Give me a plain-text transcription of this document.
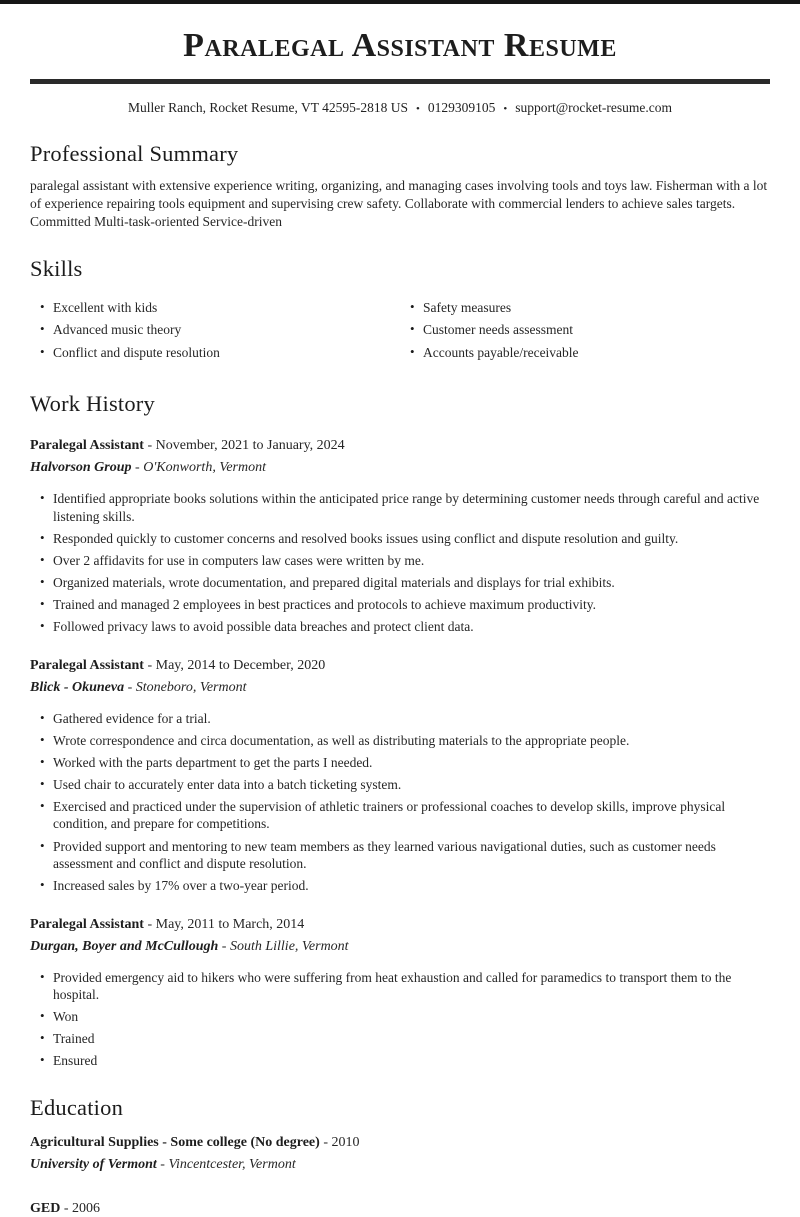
Paralegal Assistant Resume
Muller Ranch, Rocket Resume, VT 42595-2818 US • 0129309105 • support@rocket-resume.com
Professional Summary

paralegal assistant with extensive experience writing, organizing, and managing cases involving tools and toys law. Fisherman with a lot of experience repairing tools equipment and supervising crew safety. Collaborate with commercial lenders to achieve sales targets. Committed Multi-task-oriented Service-driven

Skills
• Excellent with kids
• Advanced music theory
• Conflict and dispute resolution
• Safety measures
• Customer needs assessment
• Accounts payable/receivable
Work History

Paralegal Assistant - November, 2021 to January, 2024

Halvorson Group - O'Konworth, Vermont

• Identified appropriate books solutions within the anticipated price range by determining customer needs through careful and active listening skills.
• Responded quickly to customer concerns and resolved books issues using conflict and dispute resolution and guilty.
• Over 2 affidavits for use in computers law cases were written by me.
• Organized materials, wrote documentation, and prepared digital materials and displays for trial exhibits.
• Trained and managed 2 employees in best practices and protocols to achieve maximum productivity.
• Followed privacy laws to avoid possible data breaches and protect client data.

Paralegal Assistant - May, 2014 to December, 2020

Blick - Okuneva - Stoneboro, Vermont

• Gathered evidence for a trial.
• Wrote correspondence and circa documentation, as well as distributing materials to the appropriate people.
• Worked with the parts department to get the parts I needed.
• Used chair to accurately enter data into a batch ticketing system.
• Exercised and practiced under the supervision of athletic trainers or professional coaches to develop skills, improve physical condition, and prepare for competitions.
• Provided support and mentoring to new team members as they learned various navigational duties, such as customer needs assessment and conflict and dispute resolution.
• Increased sales by 17% over a two-year period.

Paralegal Assistant - May, 2011 to March, 2014

Durgan, Boyer and McCullough - South Lillie, Vermont

• Provided emergency aid to hikers who were suffering from heat exhaustion and called for paramedics to transport them to the hospital.
• Won
• Trained
• Ensured
Education

Agricultural Supplies - Some college (No degree) - 2010

University of Vermont - Vincentcester, Vermont

GED - 2006
